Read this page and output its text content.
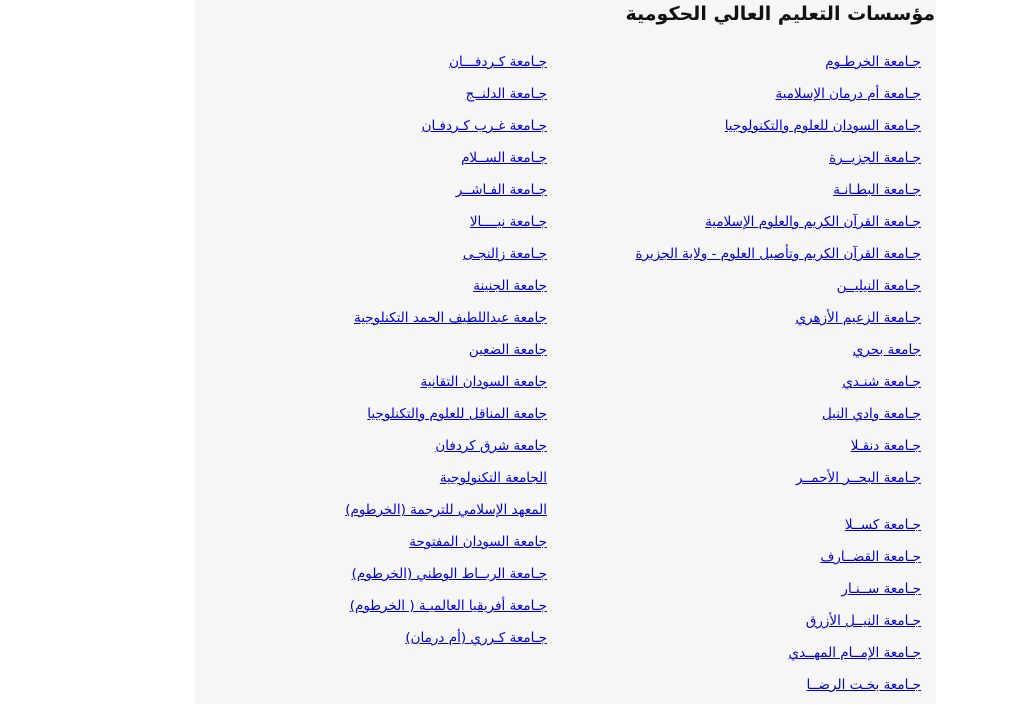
مؤسسات التعليم العالي الحكومية
جـامعة الخرطـوم
جـامعة أم درمان الإسلامية
جـامعة السودان للعلوم والتكنولوجيا
جـامعة الجزيــرة
جـامعة البطـانـة
جـامعة القرآن الكريم والعلوم الإسلامية
جـامعة القرآن الكريم وتأصيل العلوم - ولاية الجزيرة
جـامعة النيليــن
جـامعة الزعيم الأزهري
جامعة بحري
جـامعة شنـدي
جـامعة وادي النيل
جـامعة دنقـلا
جـامعة البحــر الأحمــر
جـامعة كســلا
جـامعة القضــارف
جـامعة ســنـار
جـامعة النيــل الأزرق
جـامعة الإمــام المهــدي
جـامعة بخـت الرضــا
جـامعة كـردفـــان
جـامعة الدلنــج
جـامعة غـرب كـردفـان
جـامعة الســلام
جـامعة الفـاشــر
جـامعة نيــــالا
جـامعة زالنجـى
جامعة الجنينة
جامعة عبداللطيف الحمد التكنلوجية
جامعة الضعين
جامعة السودان التقانية
جامعة المناقل للعلوم والتكنلوجيا
جامعة شرق كردفان
الجامعة التكنولوجية
المعهد الإسلامي للترجمة (الخرطوم)
جامعة السودان المفتوحة
جـامعة الربــاط الوطني (الخرطوم)
جـامعة أفريقيا العالميـة ( الخرطوم)
جـامعة كـرري (أم درمان)
